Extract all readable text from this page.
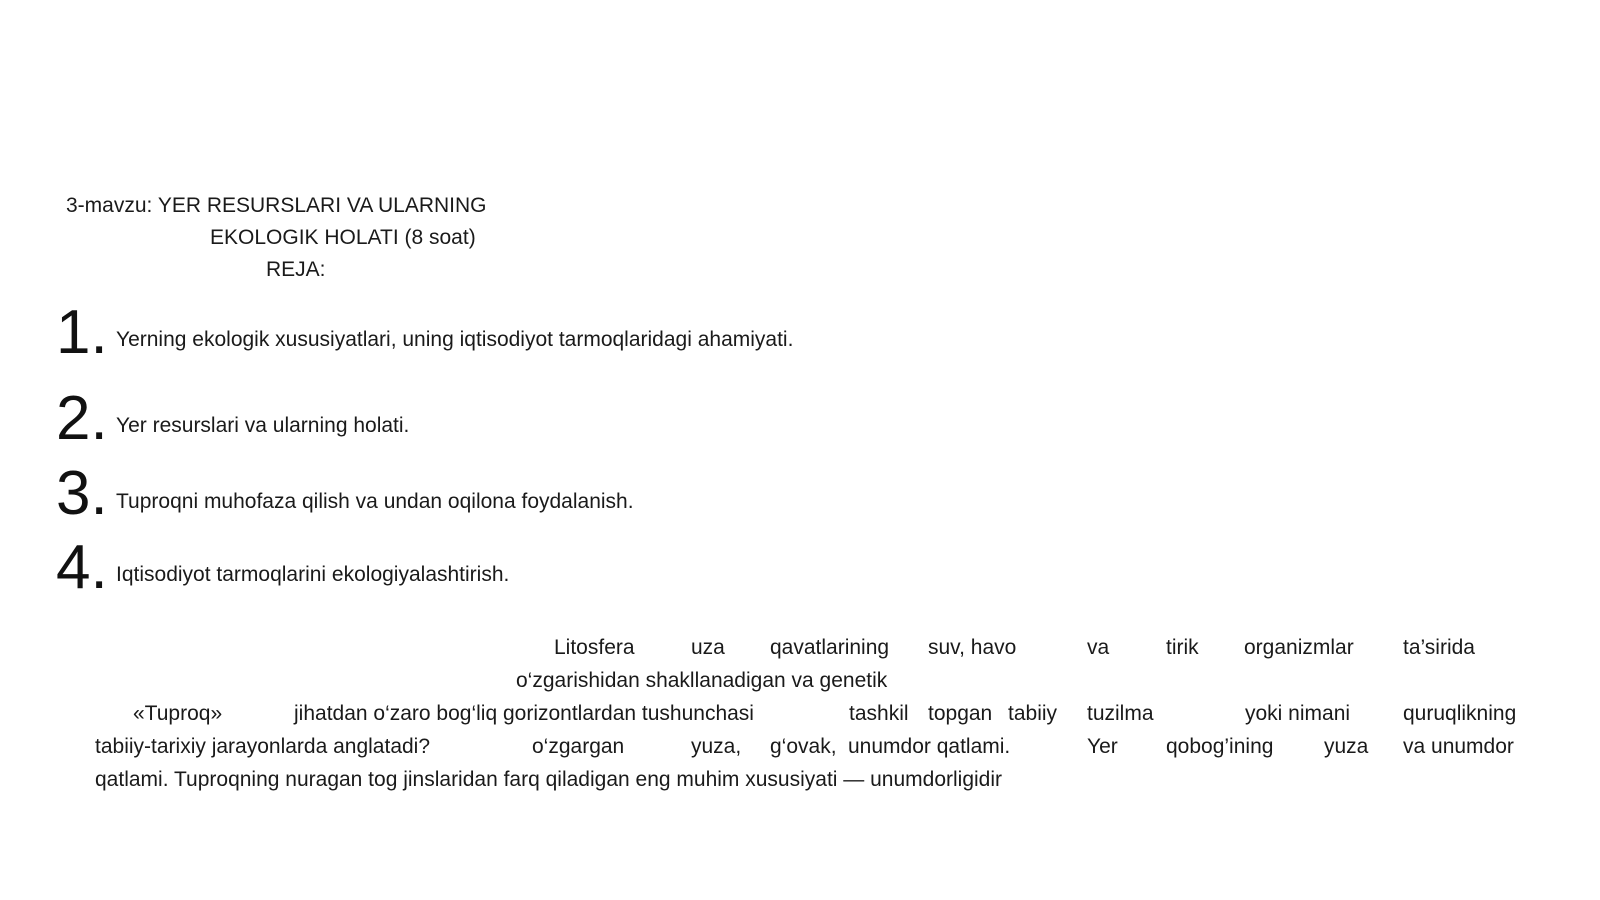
3-mavzu: YER RESURSLARI VA ULARNING
EKOLOGIK HOLATI (8 soat)
REJA:
1. Yerning ekologik xususiyatlari, uning iqtisodiyot tarmoqlaridagi ahamiyati.
2. Yer resurslari va ularning holati.
3. Tuproqni muhofaza qilish va undan oqilona foydalanish.
4. Iqtisodiyot tarmoqlarini ekologiyalashtirish.
Litosfera	uza qavatlarining suv, havo	va	tirik organizmlar ta’sirida
o‘zgarishidan shakllanadigan va genetik
«Tuproq»	jihatdan o‘zaro bog‘liq gorizontlardan tushunchasi	tashkil topgan tabiiy tuzilma	yoki nimani	quruqlikning
tabiiy-tarixiy jarayonlarda anglatadi?	o‘zgargan	yuza, g‘ovak, unumdor qatlami.	Yer qobog’ining yuza va unumdor
qatlami. Tuproqning nuragan tog jinslaridan farq qiladigan eng muhim xususiyati — unumdorligidir
